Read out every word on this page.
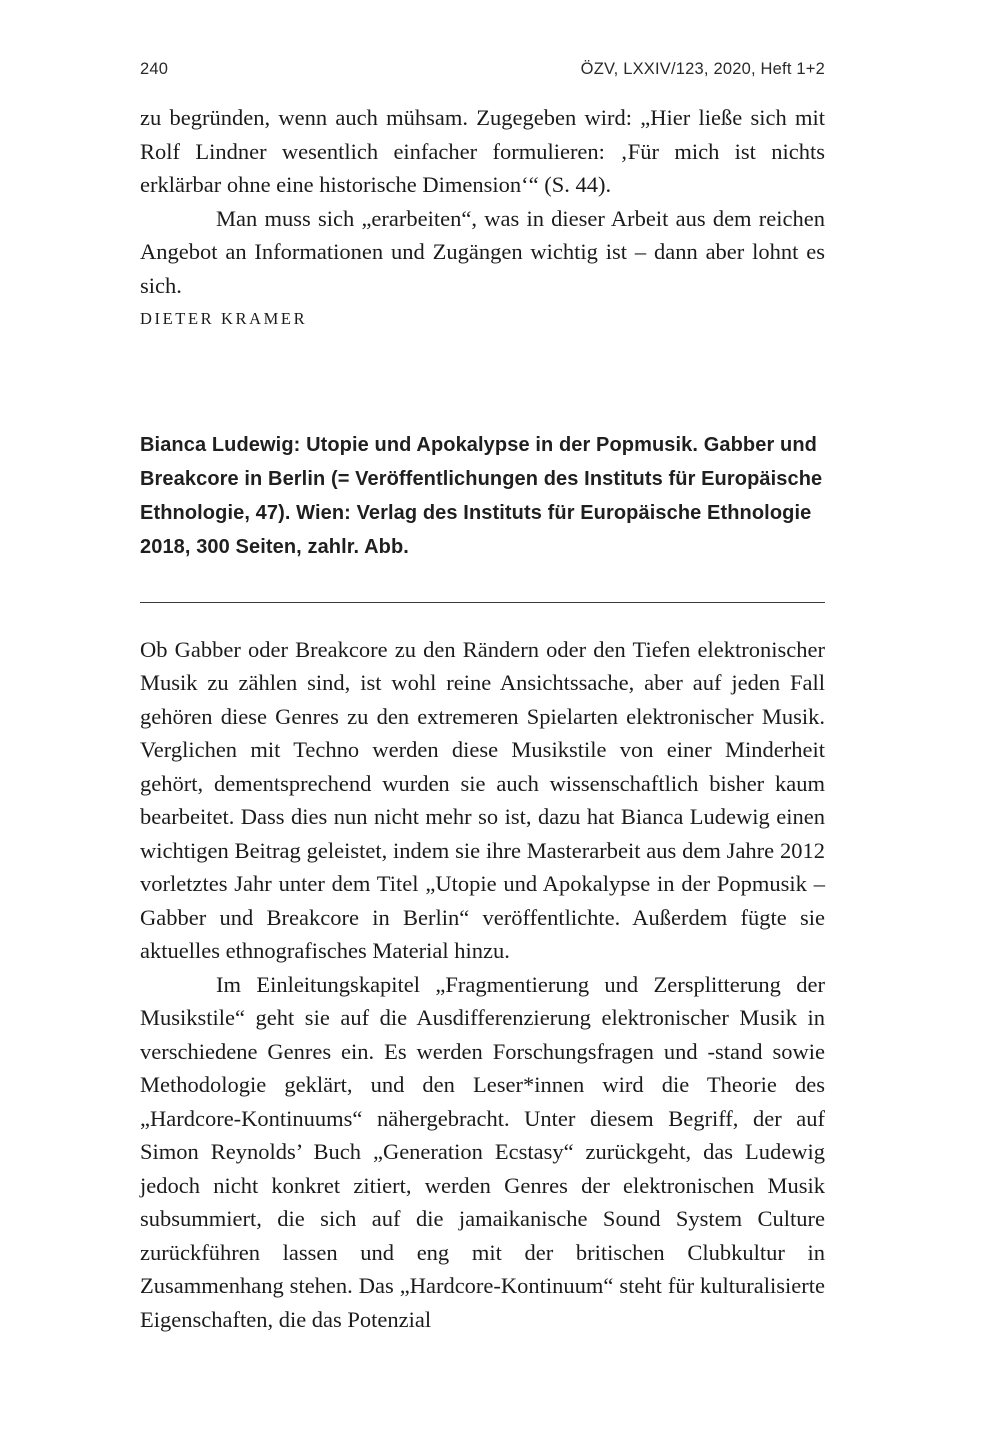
240	ÖZV, LXXIV/123, 2020, Heft 1+2

zu begründen, wenn auch mühsam. Zugegeben wird: „Hier ließe sich mit Rolf Lindner wesentlich einfacher formulieren: ‚Für mich ist nichts erklärbar ohne eine historische Dimension‘“ (S. 44).

Man muss sich „erarbeiten“, was in dieser Arbeit aus dem reichen Angebot an Informationen und Zugängen wichtig ist – dann aber lohnt es sich.

DIETER KRAMER

Bianca Ludewig: Utopie und Apokalypse in der Popmusik. Gabber und Breakcore in Berlin (= Veröffentlichungen des Instituts für Europäische Ethnologie, 47). Wien: Verlag des Instituts für Europäische Ethnologie 2018, 300 Seiten, zahlr. Abb.

Ob Gabber oder Breakcore zu den Rändern oder den Tiefen elektronischer Musik zu zählen sind, ist wohl reine Ansichtssache, aber auf jeden Fall gehören diese Genres zu den extremeren Spielarten elektronischer Musik. Verglichen mit Techno werden diese Musikstile von einer Minderheit gehört, dementsprechend wurden sie auch wissenschaftlich bisher kaum bearbeitet. Dass dies nun nicht mehr so ist, dazu hat Bianca Ludewig einen wichtigen Beitrag geleistet, indem sie ihre Masterarbeit aus dem Jahre 2012 vorletztes Jahr unter dem Titel „Utopie und Apokalypse in der Popmusik – Gabber und Breakcore in Berlin“ veröffentlichte. Außerdem fügte sie aktuelles ethnografisches Material hinzu.

Im Einleitungskapitel „Fragmentierung und Zersplitterung der Musikstile“ geht sie auf die Ausdifferenzierung elektronischer Musik in verschiedene Genres ein. Es werden Forschungsfragen und -stand sowie Methodologie geklärt, und den Leser*innen wird die Theorie des „Hardcore-Kontinuums“ nähergebracht. Unter diesem Begriff, der auf Simon Reynolds’ Buch „Generation Ecstasy“ zurückgeht, das Ludewig jedoch nicht konkret zitiert, werden Genres der elektronischen Musik subsummiert, die sich auf die jamaikanische Sound System Culture zurückführen lassen und eng mit der britischen Clubkultur in Zusammenhang stehen. Das „Hardcore-Kontinuum“ steht für kulturalisierte Eigenschaften, die das Potenzial
